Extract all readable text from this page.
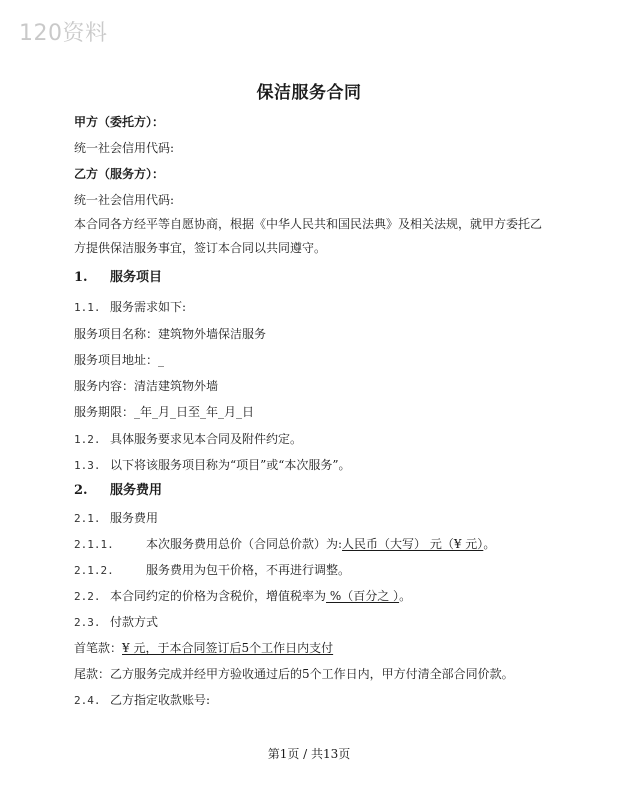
120资料
保洁服务合同
甲方（委托方）：
统一社会信用代码:
乙方（服务方）：
统一社会信用代码:
本合同各方经平等自愿协商，根据《中华人民共和国民法典》及相关法规，就甲方委托乙方提供保洁服务事宜，签订本合同以共同遵守。
1. 服务项目
1.1. 服务需求如下:
服务项目名称：建筑物外墙保洁服务
服务项目地址：_
服务内容：清洁建筑物外墙
服务期限：_年_月_日至_年_月_日
1.2. 具体服务要求见本合同及附件约定。
1.3. 以下将该服务项目称为“项目”或“本次服务”。
2. 服务费用
2.1. 服务费用
2.1.1.	本次服务费用总价（合同总价款）为:人民币（大写） 元（¥ 元）。
2.1.2.	服务费用为包干价格，不再进行调整。
2.2. 本合同约定的价格为含税价，增值税率为 %（百分之 ）。
2.3. 付款方式
首笔款：¥ 元，于本合同签订后5个工作日内支付
尾款：乙方服务完成并经甲方验收通过后的5个工作日内，甲方付清全部合同价款。
2.4. 乙方指定收款账号:
第1页 / 共13页
